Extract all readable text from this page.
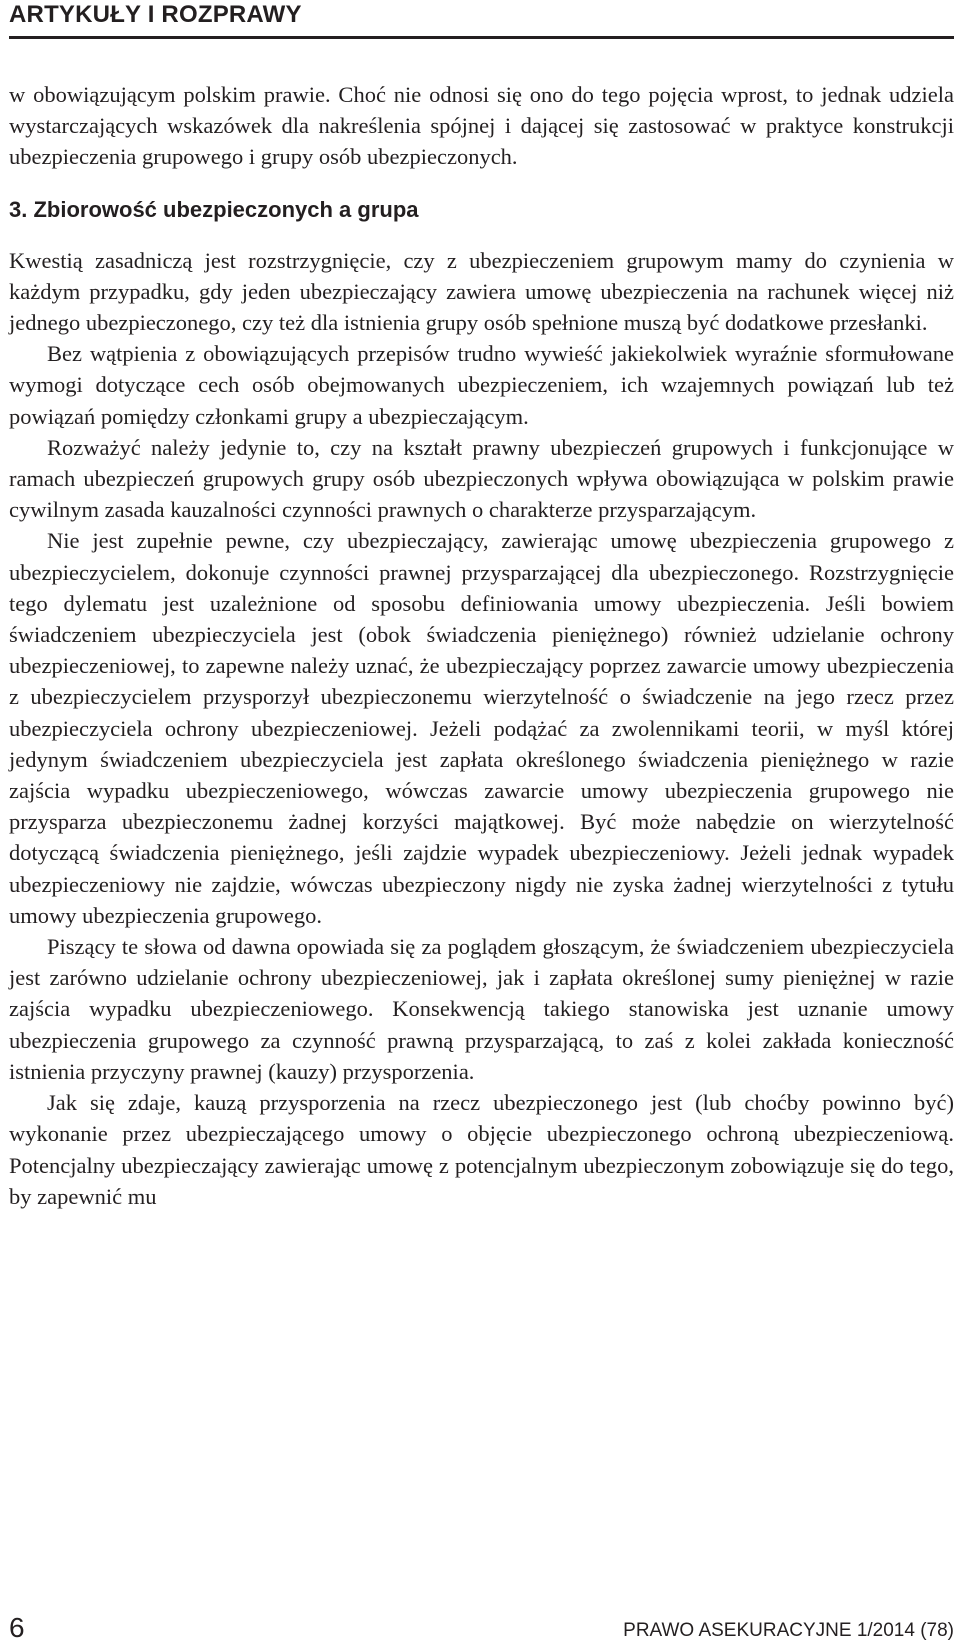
ARTYKUŁY I ROZPRAWY

w obowiązującym polskim prawie. Choć nie odnosi się ono do tego pojęcia wprost, to jednak udziela wystarczających wskazówek dla nakreślenia spójnej i dającej się zastosować w praktyce konstrukcji ubezpieczenia grupowego i grupy osób ubezpieczonych.

3. Zbiorowość ubezpieczonych a grupa

Kwestią zasadniczą jest rozstrzygnięcie, czy z ubezpieczeniem grupowym mamy do czynienia w każdym przypadku, gdy jeden ubezpieczający zawiera umowę ubezpieczenia na rachunek więcej niż jednego ubezpieczonego, czy też dla istnienia grupy osób spełnione muszą być dodatkowe przesłanki.

Bez wątpienia z obowiązujących przepisów trudno wywieść jakiekolwiek wyraźnie sformułowane wymogi dotyczące cech osób obejmowanych ubezpieczeniem, ich wzajemnych powiązań lub też powiązań pomiędzy członkami grupy a ubezpieczającym.

Rozważyć należy jedynie to, czy na kształt prawny ubezpieczeń grupowych i funkcjonujące w ramach ubezpieczeń grupowych grupy osób ubezpieczonych wpływa obowiązująca w polskim prawie cywilnym zasada kauzalności czynności prawnych o charakterze przysparzającym.

Nie jest zupełnie pewne, czy ubezpieczający, zawierając umowę ubezpieczenia grupowego z ubezpieczycielem, dokonuje czynności prawnej przysparzającej dla ubezpieczonego. Rozstrzygnięcie tego dylematu jest uzależnione od sposobu definiowania umowy ubezpieczenia. Jeśli bowiem świadczeniem ubezpieczyciela jest (obok świadczenia pieniężnego) również udzielanie ochrony ubezpieczeniowej, to zapewne należy uznać, że ubezpieczający poprzez zawarcie umowy ubezpieczenia z ubezpieczycielem przysporzył ubezpieczonemu wierzytelność o świadczenie na jego rzecz przez ubezpieczyciela ochrony ubezpieczeniowej. Jeżeli podążać za zwolennikami teorii, w myśl której jedynym świadczeniem ubezpieczyciela jest zapłata określonego świadczenia pieniężnego w razie zajścia wypadku ubezpieczeniowego, wówczas zawarcie umowy ubezpieczenia grupowego nie przysparza ubezpieczonemu żadnej korzyści majątkowej. Być może nabędzie on wierzytelność dotyczącą świadczenia pieniężnego, jeśli zajdzie wypadek ubezpieczeniowy. Jeżeli jednak wypadek ubezpieczeniowy nie zajdzie, wówczas ubezpieczony nigdy nie zyska żadnej wierzytelności z tytułu umowy ubezpieczenia grupowego.

Piszący te słowa od dawna opowiada się za poglądem głoszącym, że świadczeniem ubezpieczyciela jest zarówno udzielanie ochrony ubezpieczeniowej, jak i zapłata określonej sumy pieniężnej w razie zajścia wypadku ubezpieczeniowego. Konsekwencją takiego stanowiska jest uznanie umowy ubezpieczenia grupowego za czynność prawną przysparzającą, to zaś z kolei zakłada konieczność istnienia przyczyny prawnej (kauzy) przysporzenia.

Jak się zdaje, kauzą przysporzenia na rzecz ubezpieczonego jest (lub choćby powinno być) wykonanie przez ubezpieczającego umowy o objęcie ubezpieczonego ochroną ubezpieczeniową. Potencjalny ubezpieczający zawierając umowę z potencjalnym ubezpieczonym zobowiązuje się do tego, by zapewnić mu

6	PRAWO ASEKURACYJNE 1/2014 (78)
